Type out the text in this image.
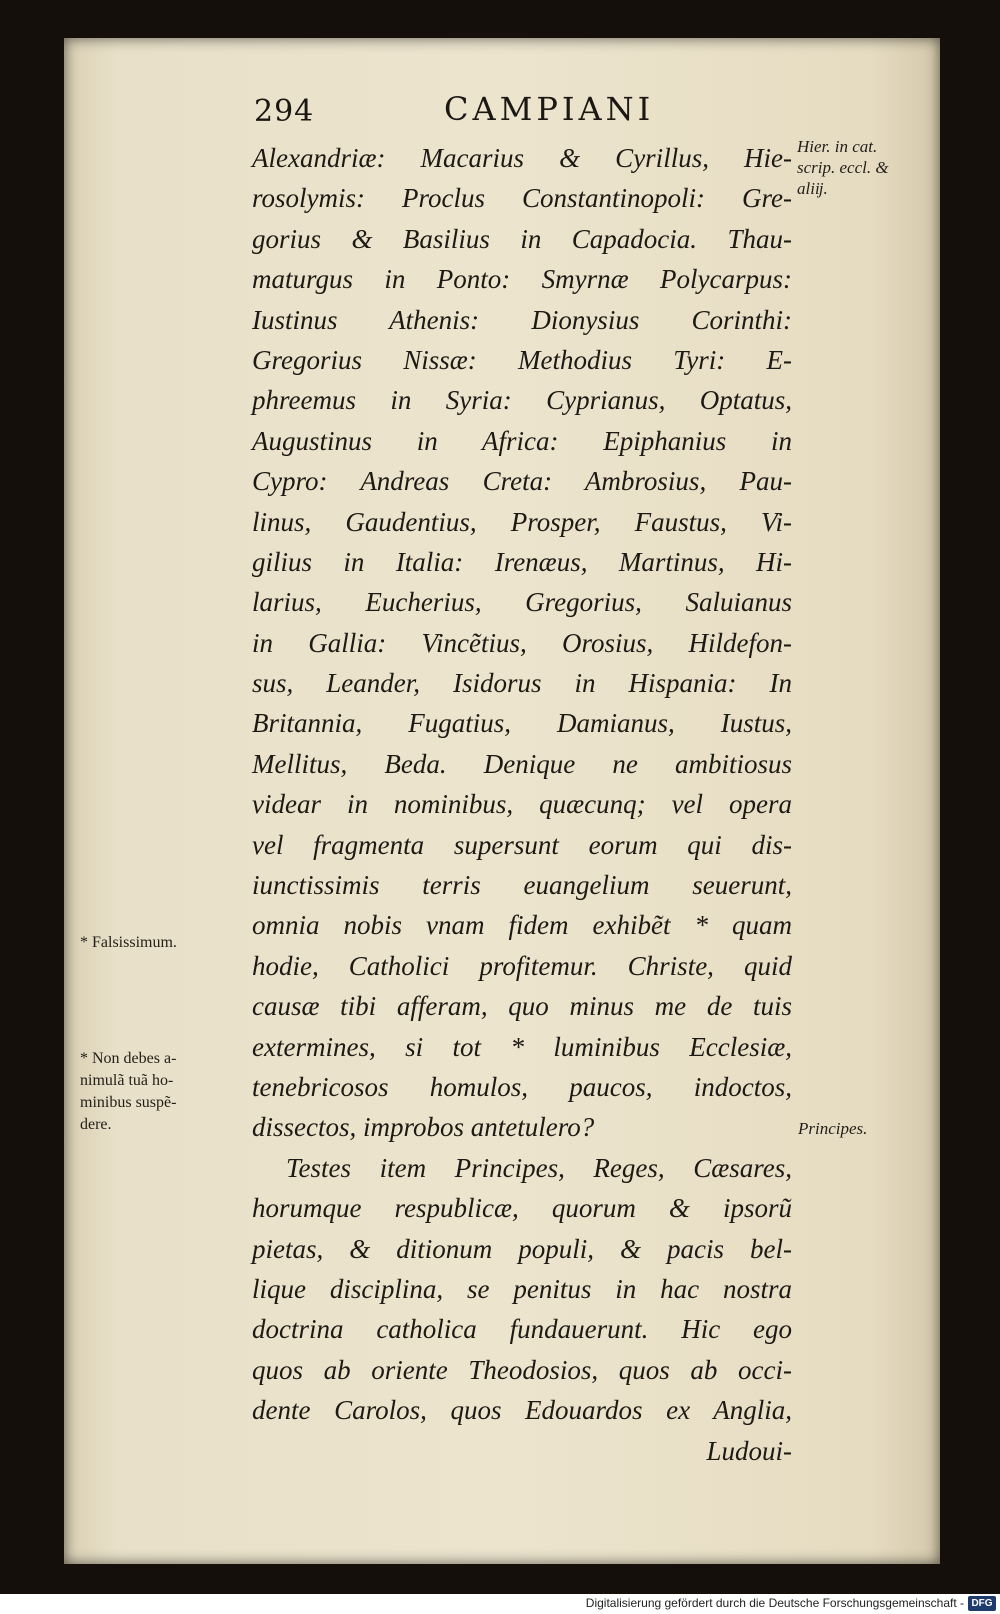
294	CAMPIANI
Alexandriæ: Macarius & Cyrillus, Hie-
rosolymis: Proclus Constantinopoli: Gre-
gorius & Basilius in Capadocia. Thau-
maturgus in Ponto: Smyrnæ Polycarpus:
Iustinus Athenis: Dionysius Corinthi:
Gregorius Nissæ: Methodius Tyri: E-
phreemus in Syria: Cyprianus, Optatus,
Augustinus in Africa: Epiphanius in
Cypro: Andreas Creta: Ambrosius, Pau-
linus, Gaudentius, Prosper, Faustus, Vi-
gilius in Italia: Irenæus, Martinus, Hi-
larius, Eucherius, Gregorius, Saluianus
in Gallia: Vincẽtius, Orosius, Hildefon-
sus, Leander, Isidorus in Hispania: In
Britannia, Fugatius, Damianus, Iustus,
Mellitus, Beda. Denique ne ambitiosus
videar in nominibus, quæcunq; vel opera
vel fragmenta supersunt eorum qui dis-
iunctissimis terris euangelium seuerunt,
omnia nobis vnam fidem exhibẽt * quam
hodie, Catholici profitemur. Christe, quid
causæ tibi afferam, quo minus me de tuis
extermines, si tot * luminibus Ecclesiæ,
tenebricosos homulos, paucos, indoctos,
dissectos, improbos antetulero?
Testes item Principes, Reges, Cæsares,
horumque respublicæ, quorum & ipsorũ
pietas, & ditionum populi, & pacis bel-
lique disciplina, se penitus in hac nostra
doctrina catholica fundauerunt. Hic ego
quos ab oriente Theodosios, quos ab occi-
dente Carolos, quos Edouardos ex Anglia,
Ludoui-
Hier. in cat.
scrip. eccl. &
aliĳ.
Principes.
* Falsissimum.
* Non debes a-
nimulã tuã ho-
minibus suspẽ-
dere.
Digitalisierung gefördert durch die Deutsche Forschungsgemeinschaft - DFG
